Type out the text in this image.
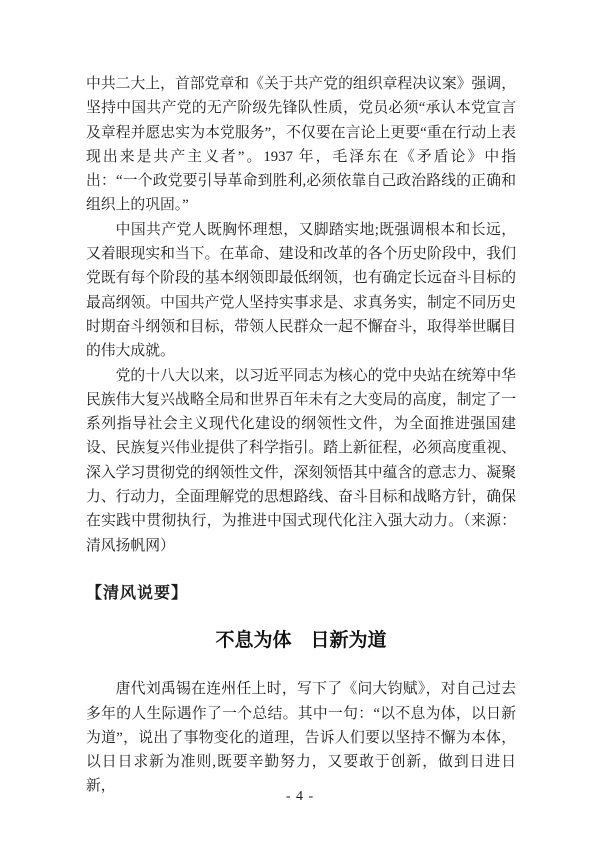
中共二大上，首部党章和《关于共产党的组织章程决议案》强调，坚持中国共产党的无产阶级先锋队性质，党员必须“承认本党宣言及章程并愿忠实为本党服务”，不仅要在言论上更要“重在行动上表现出来是共产主义者”。1937 年，毛泽东在《矛盾论》中指出：“一个政党要引导革命到胜利,必须依靠自己政治路线的正确和组织上的巩固。”

中国共产党人既胸怀理想，又脚踏实地;既强调根本和长远，又着眼现实和当下。在革命、建设和改革的各个历史阶段中，我们党既有每个阶段的基本纲领即最低纲领，也有确定长远奋斗目标的最高纲领。中国共产党人坚持实事求是、求真务实，制定不同历史时期奋斗纲领和目标，带领人民群众一起不懈奋斗，取得举世瞩目的伟大成就。

党的十八大以来，以习近平同志为核心的党中央站在统筹中华民族伟大复兴战略全局和世界百年未有之大变局的高度，制定了一系列指导社会主义现代化建设的纲领性文件，为全面推进强国建设、民族复兴伟业提供了科学指引。踏上新征程，必须高度重视、深入学习贯彻党的纲领性文件，深刻领悟其中蕴含的意志力、凝聚力、行动力，全面理解党的思想路线、奋斗目标和战略方针，确保在实践中贯彻执行，为推进中国式现代化注入强大动力。（来源：清风扬帆网）

【清风说要】

不息为体　日新为道

唐代刘禹锡在连州任上时，写下了《问大钧赋》，对自己过去多年的人生际遇作了一个总结。其中一句：“以不息为体，以日新为道”，说出了事物变化的道理，告诉人们要以坚持不懈为本体，以日日求新为准则,既要辛勤努力，又要敢于创新，做到日进日新，

- 4 -
